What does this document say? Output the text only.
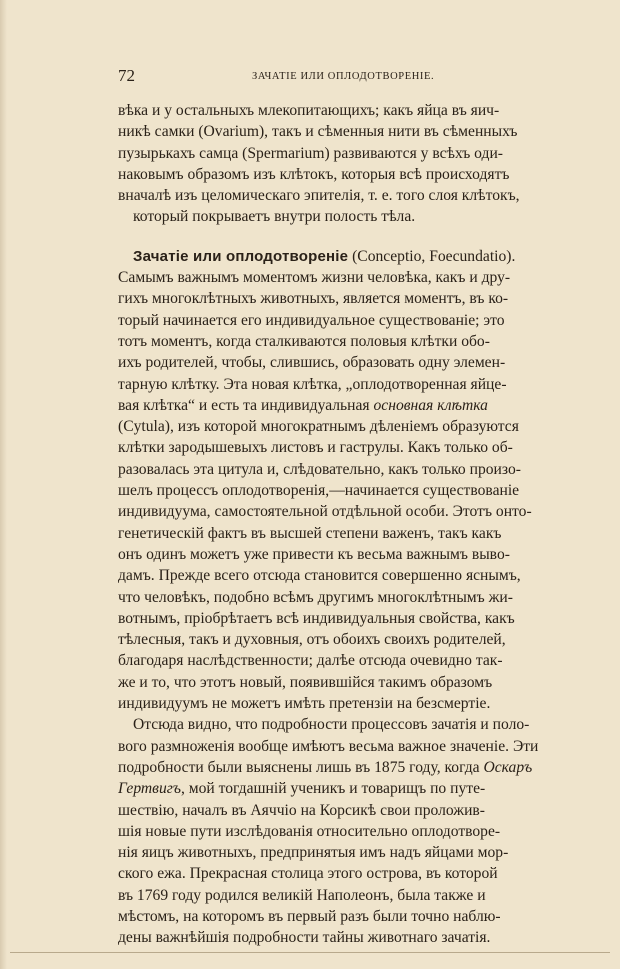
72	ЗАЧАТІЕ ИЛИ ОПЛОДОТВОРЕНІЕ.

вѣка и у остальныхъ млекопитающихъ; какъ яйца въ яич-
никѣ самки (Ovarium), такъ и сѣменныя нити въ сѣменныхъ
пузырькахъ самца (Spermarium) развиваются у всѣхъ оди-
наковымъ образомъ изъ клѣтокъ, которыя всѣ происходятъ
вначалѣ изъ целомическаго эпителія, т. е. того слоя клѣтокъ,
который покрываетъ внутри полость тѣла.

Зачатіе или оплодотвореніе (Conceptio, Foecundatio).
Самымъ важнымъ моментомъ жизни человѣка, какъ и дру-
гихъ многоклѣтныхъ животныхъ, является моментъ, въ ко-
торый начинается его индивидуальное существованіе; это
тотъ моментъ, когда сталкиваются половыя клѣтки обо-
ихъ родителей, чтобы, слившись, образовать одну элемен-
тарную клѣтку. Эта новая клѣтка, „оплодотворенная яйце-
вая клѣтка“ и есть та индивидуальная основная клѣтка
(Cytula), изъ которой многократнымъ дѣленіемъ образуются
клѣтки зародышевыхъ листовъ и гаструлы. Какъ только об-
разовалась эта цитула и, слѣдовательно, какъ только произо-
шелъ процессъ оплодотворенія,—начинается существованіе
индивидуума, самостоятельной отдѣльной особи. Этотъ онто-
генетическій фактъ въ высшей степени важенъ, такъ какъ
онъ одинъ можетъ уже привести къ весьма важнымъ выво-
дамъ. Прежде всего отсюда становится совершенно яснымъ,
что человѣкъ, подобно всѣмъ другимъ многоклѣтнымъ жи-
вотнымъ, пріобрѣтаетъ всѣ индивидуальныя свойства, какъ
тѣлесныя, такъ и духовныя, отъ обоихъ своихъ родителей,
благодаря наслѣдственности; далѣе отсюда очевидно так-
же и то, что этотъ новый, появившійся такимъ образомъ
индивидуумъ не можетъ имѣть претензіи на безсмертіе.

Отсюда видно, что подробности процессовъ зачатія и поло-
вого размноженія вообще имѣютъ весьма важное значеніе. Эти
подробности были выяснены лишь въ 1875 году, когда Оскаръ
Гертвигъ, мой тогдашній ученикъ и товарищъ по путе-
шествію, началъ въ Аяччіо на Корсикѣ свои проложив-
шія новые пути изслѣдованія относительно оплодотворе-
нія яицъ животныхъ, предпринятыя имъ надъ яйцами мор-
ского ежа. Прекрасная столица этого острова, въ которой
въ 1769 году родился великій Наполеонъ, была также и
мѣстомъ, на которомъ въ первый разъ были точно наблю-
дены важнѣйшія подробности тайны животнаго зачатія.
